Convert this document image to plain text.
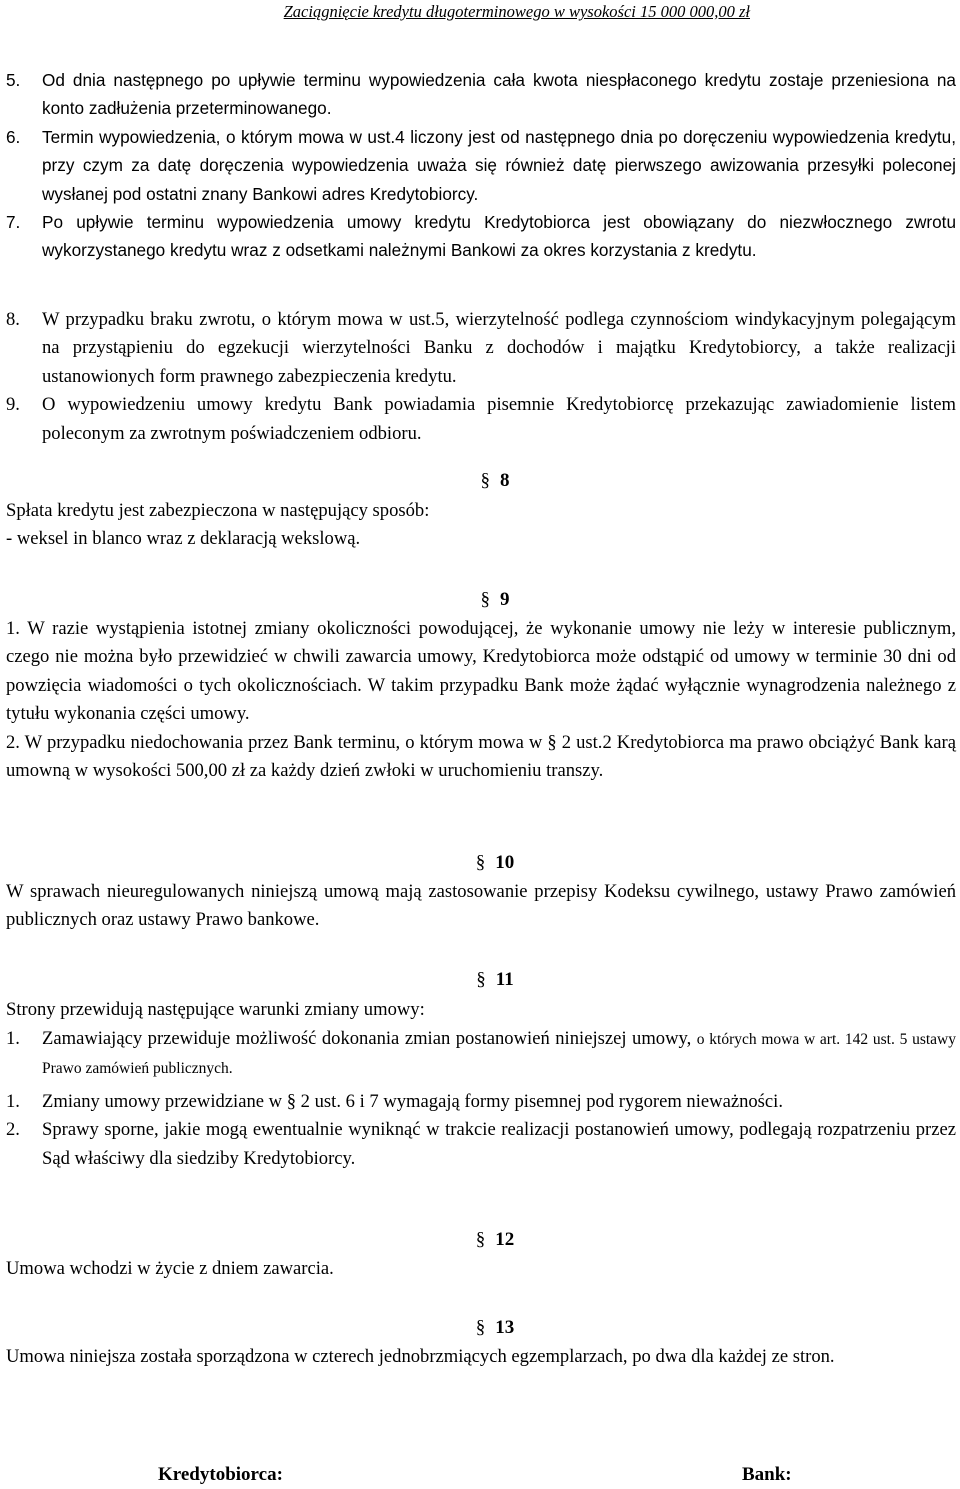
Zaciągnięcie kredytu długoterminowego w wysokości 15 000 000,00 zł
5.	Od dnia następnego po upływie terminu wypowiedzenia cała kwota niespłaconego kredytu zostaje przeniesiona na konto zadłużenia przeterminowanego.
6.	Termin wypowiedzenia, o którym mowa w ust.4 liczony jest od następnego dnia po doręczeniu wypowiedzenia kredytu, przy czym za datę doręczenia wypowiedzenia uważa się również datę pierwszego awizowania przesyłki poleconej wysłanej pod ostatni znany Bankowi adres Kredytobiorcy.
7.	Po upływie terminu wypowiedzenia umowy kredytu Kredytobiorca jest obowiązany do niezwłocznego zwrotu wykorzystanego kredytu wraz z odsetkami należnymi Bankowi za okres korzystania z kredytu.
8.	W przypadku braku zwrotu, o którym mowa w ust.5, wierzytelność podlega czynnościom windykacyjnym polegającym na przystąpieniu do egzekucji wierzytelności Banku z dochodów i majątku Kredytobiorcy, a także realizacji ustanowionych form prawnego zabezpieczenia kredytu.
9.	O wypowiedzeniu umowy kredytu Bank powiadamia pisemnie Kredytobiorcę przekazując zawiadomienie listem poleconym za zwrotnym poświadczeniem odbioru.
§ 8
Spłata kredytu jest zabezpieczona w następujący sposób:
- weksel in blanco wraz z deklaracją wekslową.
§ 9
1. W razie wystąpienia istotnej zmiany okoliczności powodującej, że wykonanie umowy nie leży w interesie publicznym, czego nie można było przewidzieć w chwili zawarcia umowy, Kredytobiorca może odstąpić od umowy w terminie 30 dni od powzięcia wiadomości o tych okolicznościach. W takim przypadku Bank może żądać wyłącznie wynagrodzenia należnego z tytułu wykonania części umowy.
2. W przypadku niedochowania przez Bank terminu, o którym mowa w § 2 ust.2 Kredytobiorca ma prawo obciążyć Bank karą umowną w wysokości 500,00 zł za każdy dzień zwłoki w uruchomieniu transzy.
§ 10
W sprawach nieuregulowanych niniejszą umową mają zastosowanie przepisy Kodeksu cywilnego, ustawy Prawo zamówień publicznych oraz ustawy Prawo bankowe.
§ 11
Strony przewidują następujące warunki zmiany umowy:
1.	Zamawiający przewiduje możliwość dokonania zmian postanowień niniejszej umowy, o których mowa w art. 142 ust. 5 ustawy Prawo zamówień publicznych.
1.	Zmiany umowy przewidziane w § 2 ust. 6 i 7 wymagają formy pisemnej pod rygorem nieważności.
2.	Sprawy sporne, jakie mogą ewentualnie wyniknąć w trakcie realizacji postanowień umowy, podlegają rozpatrzeniu przez Sąd właściwy dla siedziby Kredytobiorcy.
§ 12
Umowa wchodzi w życie z dniem zawarcia.
§ 13
Umowa niniejsza została sporządzona w czterech jednobrzmiących egzemplarzach, po dwa dla każdej ze stron.
Kredytobiorca:	Bank:
